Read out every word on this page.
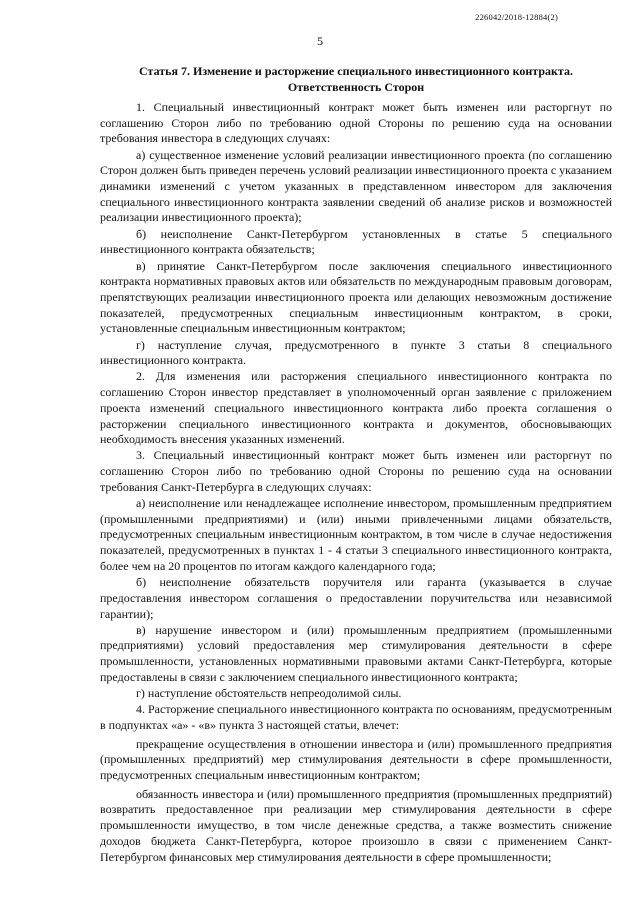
226042/2018-12884(2)
5
Статья 7. Изменение и расторжение специального инвестиционного контракта.
Ответственность Сторон

1. Специальный инвестиционный контракт может быть изменен или расторгнут по соглашению Сторон либо по требованию одной Стороны по решению суда на основании требования инвестора в следующих случаях:

а) существенное изменение условий реализации инвестиционного проекта (по соглашению Сторон должен быть приведен перечень условий реализации инвестиционного проекта с указанием динамики изменений с учетом указанных в представленном инвестором для заключения специального инвестиционного контракта заявлении сведений об анализе рисков и возможностей реализации инвестиционного проекта);

б) неисполнение Санкт-Петербургом установленных в статье 5 специального инвестиционного контракта обязательств;

в) принятие Санкт-Петербургом после заключения специального инвестиционного контракта нормативных правовых актов или обязательств по международным правовым договорам, препятствующих реализации инвестиционного проекта или делающих невозможным достижение показателей, предусмотренных специальным инвестиционным контрактом, в сроки, установленные специальным инвестиционным контрактом;

г) наступление случая, предусмотренного в пункте 3 статьи 8 специального инвестиционного контракта.

2. Для изменения или расторжения специального инвестиционного контракта по соглашению Сторон инвестор представляет в уполномоченный орган заявление с приложением проекта изменений специального инвестиционного контракта либо проекта соглашения о расторжении специального инвестиционного контракта и документов, обосновывающих необходимость внесения указанных изменений.

3. Специальный инвестиционный контракт может быть изменен или расторгнут по соглашению Сторон либо по требованию одной Стороны по решению суда на основании требования Санкт-Петербурга в следующих случаях:

а) неисполнение или ненадлежащее исполнение инвестором, промышленным предприятием (промышленными предприятиями) и (или) иными привлеченными лицами обязательств, предусмотренных специальным инвестиционным контрактом, в том числе в случае недостижения показателей, предусмотренных в пунктах 1 - 4 статьи 3 специального инвестиционного контракта, более чем на 20 процентов по итогам каждого календарного года;

б) неисполнение обязательств поручителя или гаранта (указывается в случае предоставления инвестором соглашения о предоставлении поручительства или независимой гарантии);

в) нарушение инвестором и (или) промышленным предприятием (промышленными предприятиями) условий предоставления мер стимулирования деятельности в сфере промышленности, установленных нормативными правовыми актами Санкт-Петербурга, которые предоставлены в связи с заключением специального инвестиционного контракта;

г) наступление обстоятельств непреодолимой силы.

4. Расторжение специального инвестиционного контракта по основаниям, предусмотренным в подпунктах «а» - «в» пункта 3 настоящей статьи, влечет:

прекращение осуществления в отношении инвестора и (или) промышленного предприятия (промышленных предприятий) мер стимулирования деятельности в сфере промышленности, предусмотренных специальным инвестиционным контрактом;

обязанность инвестора и (или) промышленного предприятия (промышленных предприятий) возвратить предоставленное при реализации мер стимулирования деятельности в сфере промышленности имущество, в том числе денежные средства, а также возместить снижение доходов бюджета Санкт-Петербурга, которое произошло в связи с применением Санкт-Петербургом финансовых мер стимулирования деятельности в сфере промышленности;
